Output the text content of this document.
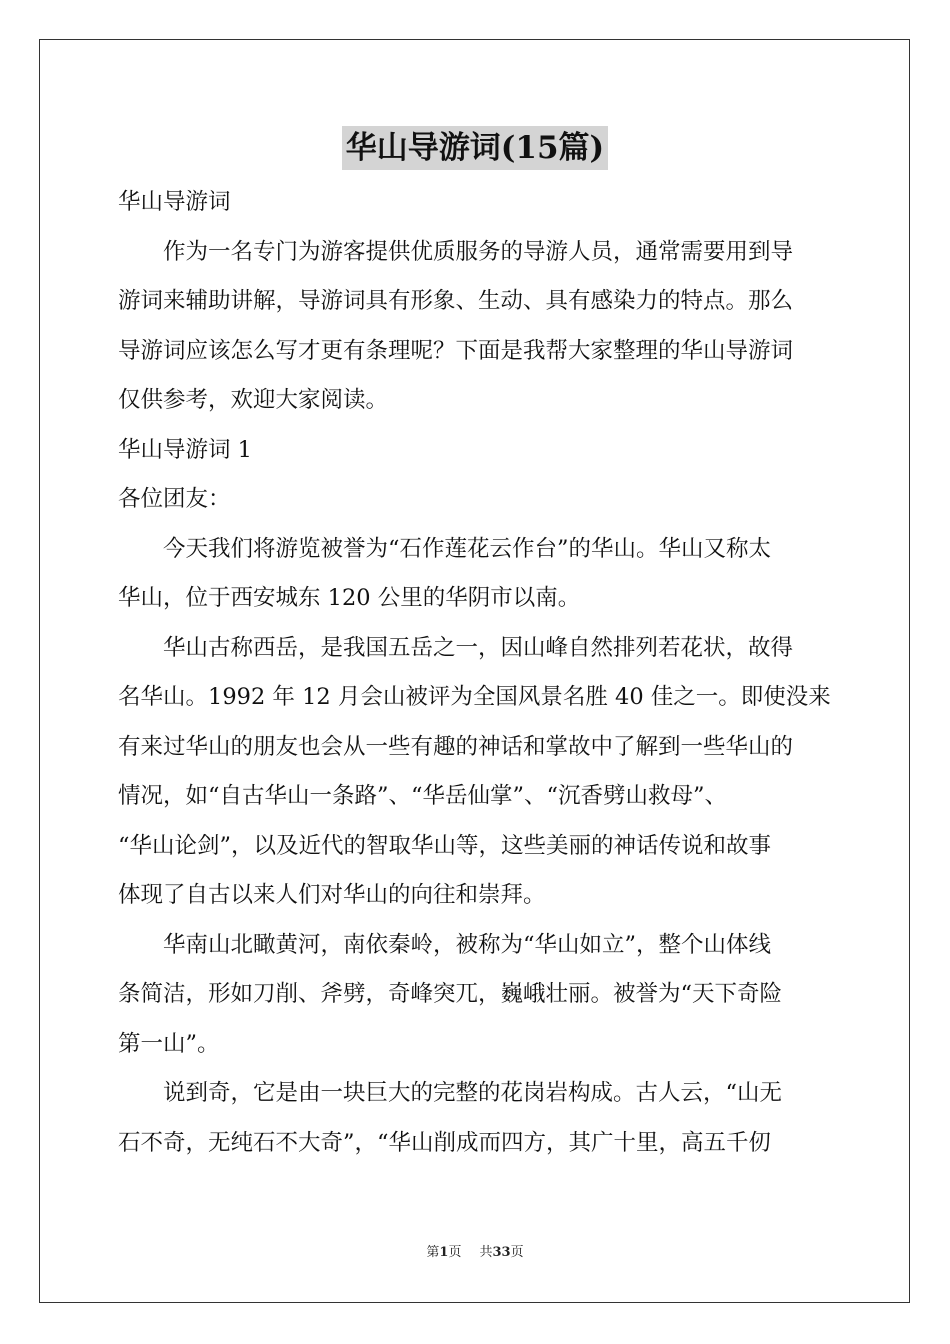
华山导游词(15篇)

华山导游词

作为一名专门为游客提供优质服务的导游人员，通常需要用到导

游词来辅助讲解，导游词具有形象、生动、具有感染力的特点。那么

导游词应该怎么写才更有条理呢？下面是我帮大家整理的华山导游词

仅供参考，欢迎大家阅读。

华山导游词 1

各位团友：

今天我们将游览被誉为“石作莲花云作台”的华山。华山又称太

华山，位于西安城东 120 公里的华阴市以南。

华山古称西岳，是我国五岳之一，因山峰自然排列若花状，故得

名华山。1992 年 12 月会山被评为全国风景名胜 40 佳之一。即使没来

有来过华山的朋友也会从一些有趣的神话和掌故中了解到一些华山的

情况，如“自古华山一条路”、“华岳仙掌”、“沉香劈山救母”、

“华山论剑”，以及近代的智取华山等，这些美丽的神话传说和故事

体现了自古以来人们对华山的向往和崇拜。

华南山北瞰黄河，南依秦岭，被称为“华山如立”，整个山体线

条简洁，形如刀削、斧劈，奇峰突兀，巍峨壮丽。被誉为“天下奇险

第一山”。

说到奇，它是由一块巨大的完整的花岗岩构成。古人云，“山无

石不奇，无纯石不大奇”，“华山削成而四方，其广十里，高五千仞

第1页 共33页
